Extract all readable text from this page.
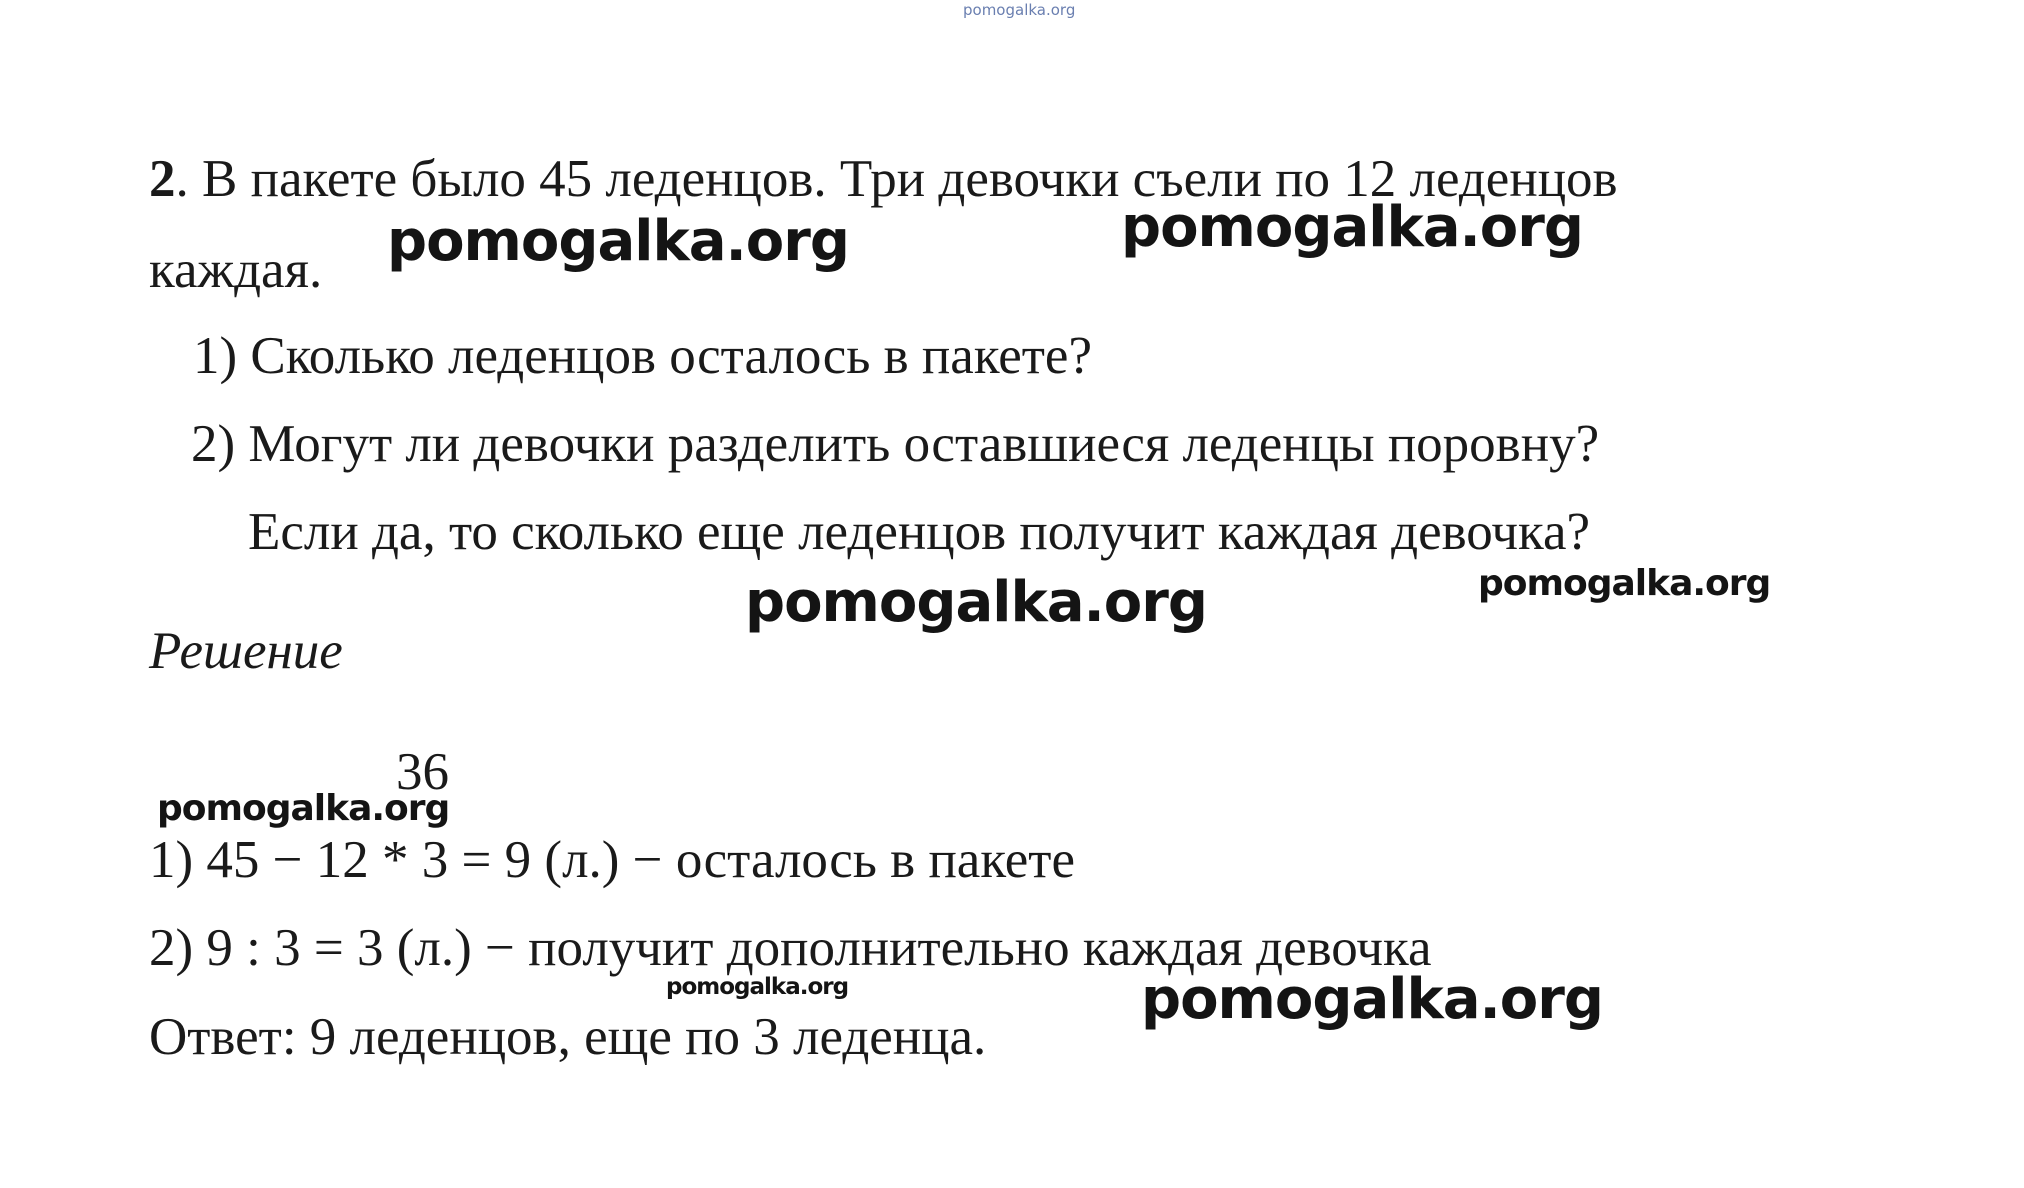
pomogalka.org
2. В пакете было 45 леденцов. Три девочки съели по 12 леденцов
каждая.
1) Сколько леденцов осталось в пакете?
2) Могут ли девочки разделить оставшиеся леденцы поровну?
Если да, то сколько еще леденцов получит каждая девочка?
Решение
36
1) 45 − 12 * 3 = 9 (л.) − осталось в пакете
2) 9 : 3 = 3 (л.) − получит дополнительно каждая девочка
Ответ: 9 леденцов, еще по 3 леденца.
pomogalka.org	pomogalka.org
pomogalka.org	pomogalka.org
pomogalka.org
pomogalka.org	pomogalka.org
